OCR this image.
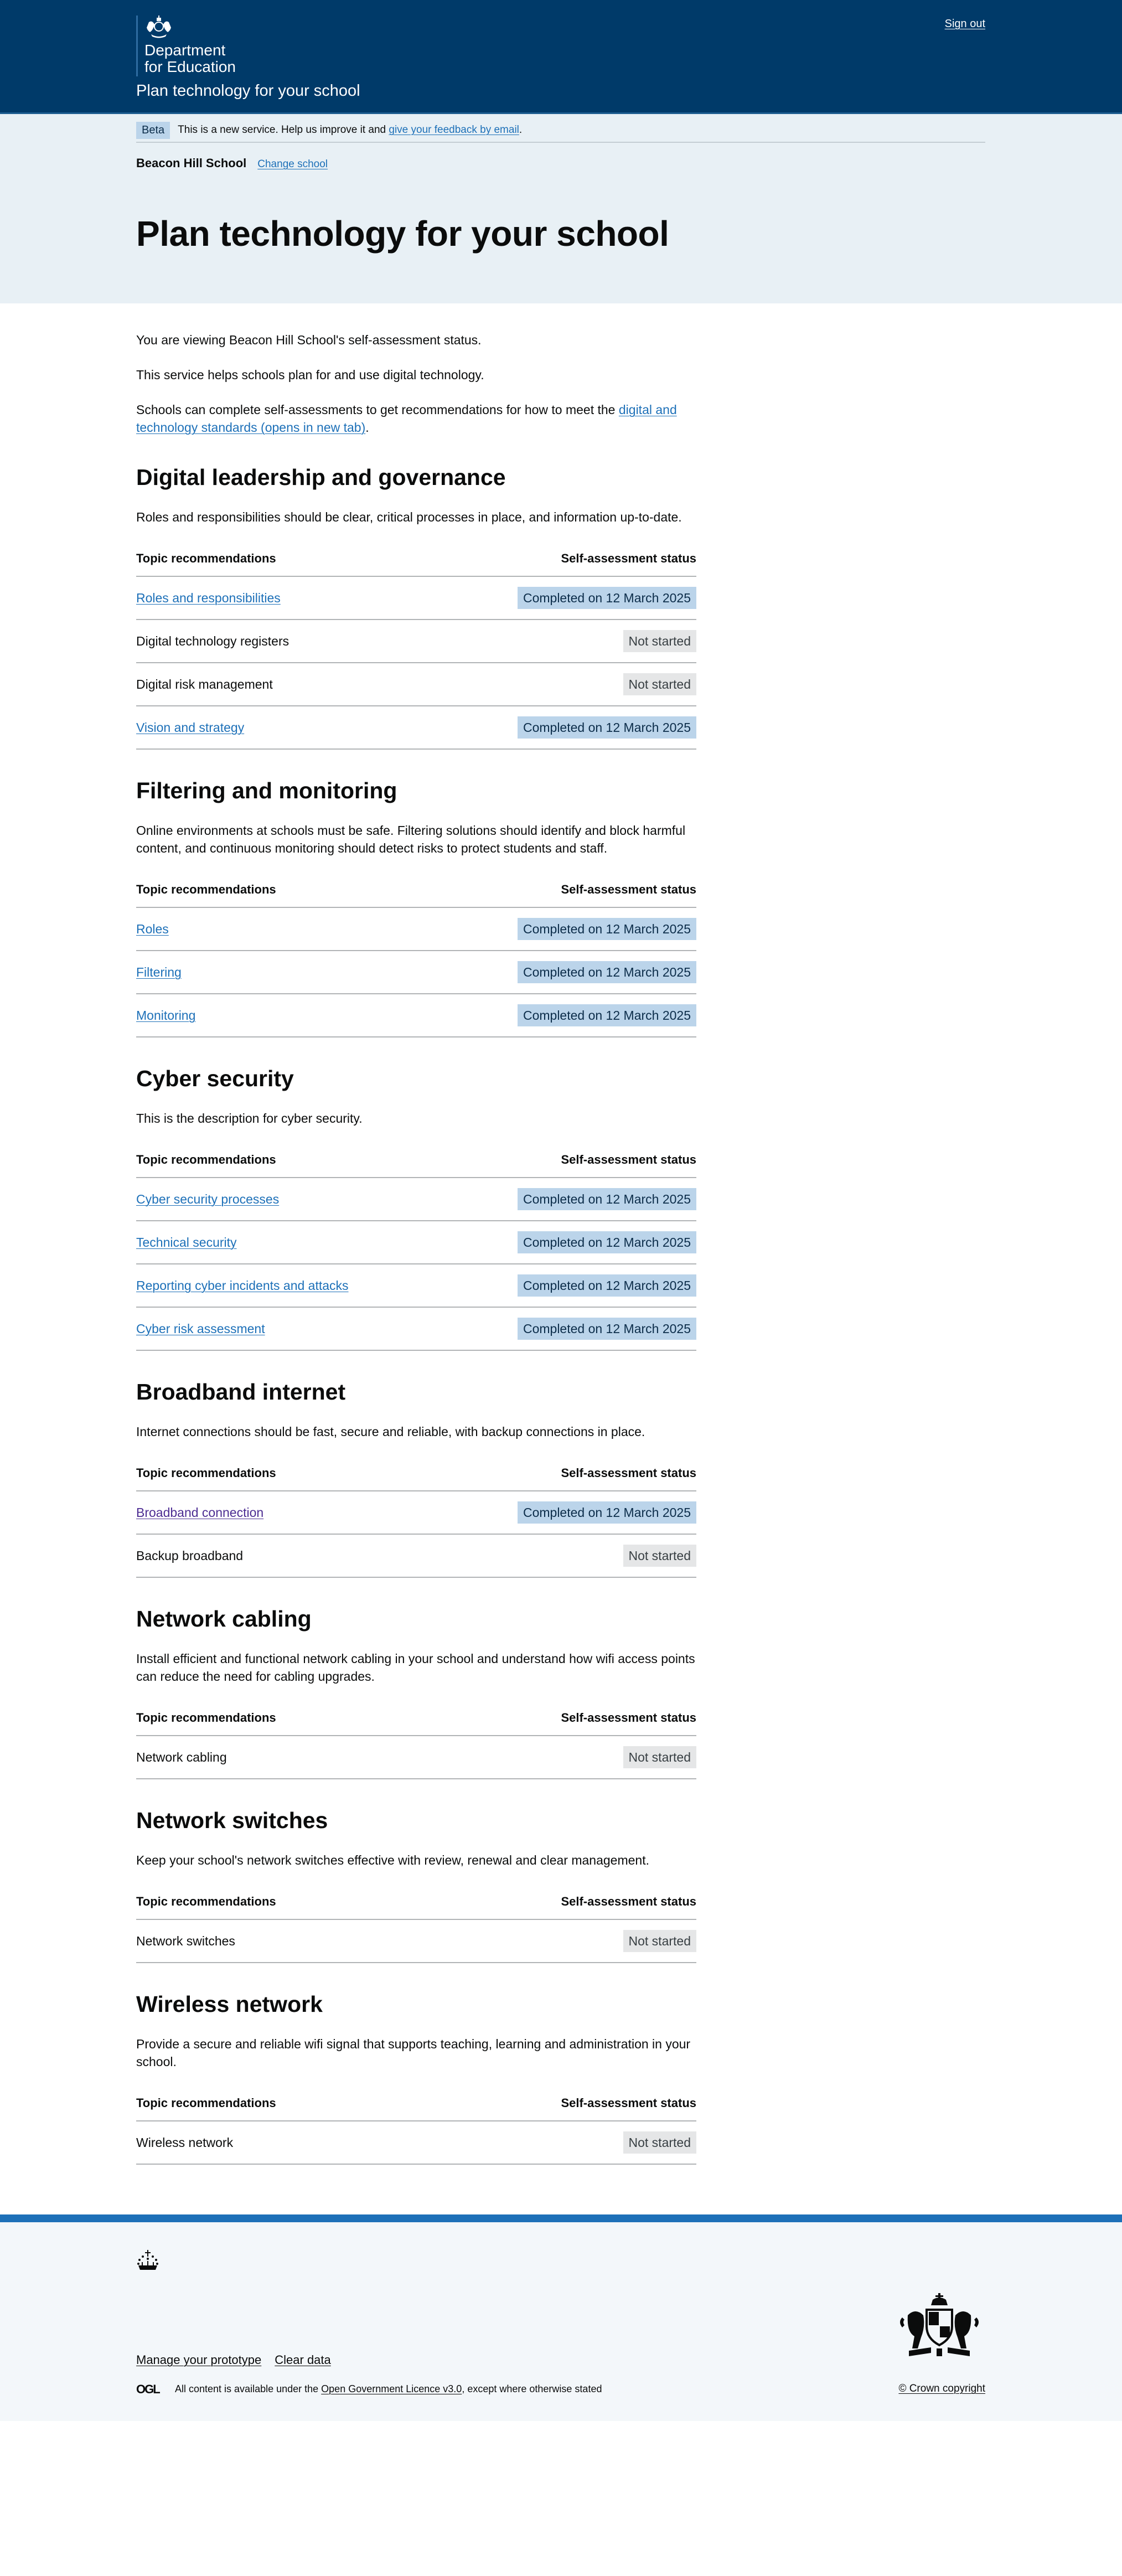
Department
for Education
Plan technology for your school
Sign out
Beta	This is a new service. Help us improve it and give your feedback by email.
Beacon Hill School Change school
Plan technology for your school

You are viewing Beacon Hill School's self-assessment status.

This service helps schools plan for and use digital technology.

Schools can complete self-assessments to get recommendations for how to meet the digital and technology standards (opens in new tab).

Digital leadership and governance

Roles and responsibilities should be clear, critical processes in place, and information up-to-date.

Topic recommendations	Self-assessment status
Roles and responsibilities	Completed on 12 March 2025
Digital technology registers	Not started
Digital risk management	Not started
Vision and strategy	Completed on 12 March 2025
Filtering and monitoring

Online environments at schools must be safe. Filtering solutions should identify and block harmful content, and continuous monitoring should detect risks to protect students and staff.

Topic recommendations	Self-assessment status
Roles	Completed on 12 March 2025
Filtering	Completed on 12 March 2025
Monitoring	Completed on 12 March 2025
Cyber security

This is the description for cyber security.

Topic recommendations	Self-assessment status
Cyber security processes	Completed on 12 March 2025
Technical security	Completed on 12 March 2025
Reporting cyber incidents and attacks	Completed on 12 March 2025
Cyber risk assessment	Completed on 12 March 2025
Broadband internet

Internet connections should be fast, secure and reliable, with backup connections in place.

Topic recommendations	Self-assessment status
Broadband connection	Completed on 12 March 2025
Backup broadband	Not started
Network cabling

Install efficient and functional network cabling in your school and understand how wifi access points can reduce the need for cabling upgrades.

Topic recommendations	Self-assessment status
Network cabling	Not started
Network switches

Keep your school's network switches effective with review, renewal and clear management.

Topic recommendations	Self-assessment status
Network switches	Not started
Wireless network

Provide a secure and reliable wifi signal that supports teaching, learning and administration in your school.

Topic recommendations	Self-assessment status
Wireless network	Not started
Manage your prototype Clear data
OGL All content is available under the Open Government Licence v3.0, except where otherwise stated	© Crown copyright
